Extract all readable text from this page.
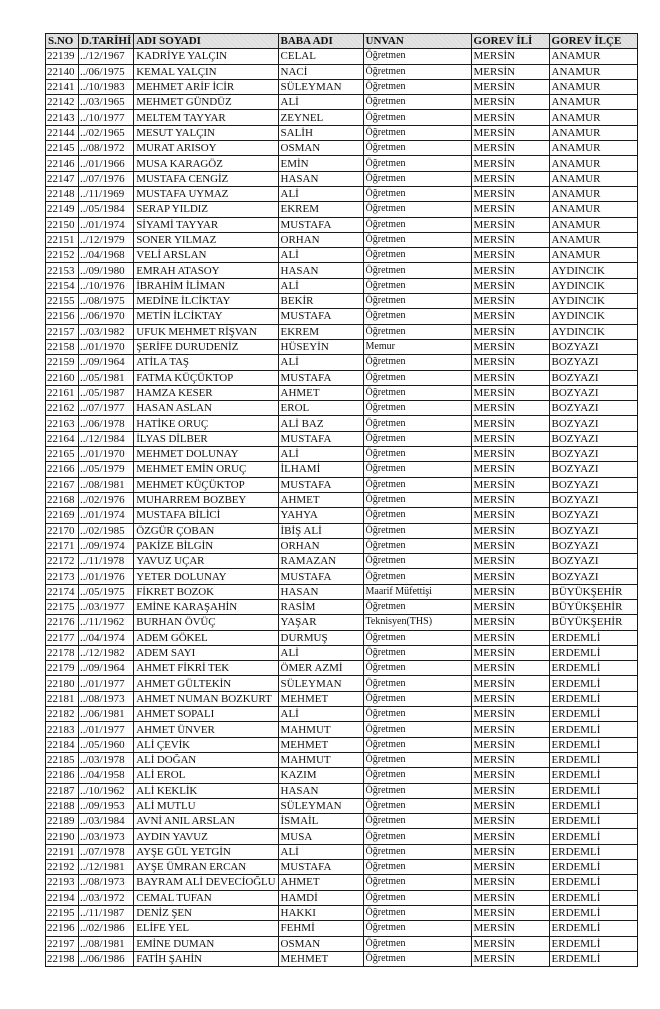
S.NO	D.TARİHİ	ADI SOYADI	BABA ADI	UNVAN	GOREV İLİ	GOREV İLÇE
22139	../12/1967	KADRİYE YALÇIN	CELAL	Öğretmen	MERSİN	ANAMUR
22140	../06/1975	KEMAL YALÇIN	NACİ	Öğretmen	MERSİN	ANAMUR
22141	../10/1983	MEHMET ARİF İCİR	SÜLEYMAN	Öğretmen	MERSİN	ANAMUR
22142	../03/1965	MEHMET GÜNDÜZ	ALİ	Öğretmen	MERSİN	ANAMUR
22143	../10/1977	MELTEM TAYYAR	ZEYNEL	Öğretmen	MERSİN	ANAMUR
22144	../02/1965	MESUT YALÇIN	SALİH	Öğretmen	MERSİN	ANAMUR
22145	../08/1972	MURAT ARISOY	OSMAN	Öğretmen	MERSİN	ANAMUR
22146	../01/1966	MUSA KARAGÖZ	EMİN	Öğretmen	MERSİN	ANAMUR
22147	../07/1976	MUSTAFA CENGİZ	HASAN	Öğretmen	MERSİN	ANAMUR
22148	../11/1969	MUSTAFA UYMAZ	ALİ	Öğretmen	MERSİN	ANAMUR
22149	../05/1984	SERAP YILDIZ	EKREM	Öğretmen	MERSİN	ANAMUR
22150	../01/1974	SİYAMİ TAYYAR	MUSTAFA	Öğretmen	MERSİN	ANAMUR
22151	../12/1979	SONER YILMAZ	ORHAN	Öğretmen	MERSİN	ANAMUR
22152	../04/1968	VELİ ARSLAN	ALİ	Öğretmen	MERSİN	ANAMUR
22153	../09/1980	EMRAH ATASOY	HASAN	Öğretmen	MERSİN	AYDINCIK
22154	../10/1976	İBRAHİM İLİMAN	ALİ	Öğretmen	MERSİN	AYDINCIK
22155	../08/1975	MEDİNE İLCİKTAY	BEKİR	Öğretmen	MERSİN	AYDINCIK
22156	../06/1970	METİN İLCİKTAY	MUSTAFA	Öğretmen	MERSİN	AYDINCIK
22157	../03/1982	UFUK MEHMET RİŞVAN	EKREM	Öğretmen	MERSİN	AYDINCIK
22158	../01/1970	ŞERİFE DURUDENİZ	HÜSEYİN	Memur	MERSİN	BOZYAZI
22159	../09/1964	ATİLA TAŞ	ALİ	Öğretmen	MERSİN	BOZYAZI
22160	../05/1981	FATMA KÜÇÜKTOP	MUSTAFA	Öğretmen	MERSİN	BOZYAZI
22161	../05/1987	HAMZA KESER	AHMET	Öğretmen	MERSİN	BOZYAZI
22162	../07/1977	HASAN ASLAN	EROL	Öğretmen	MERSİN	BOZYAZI
22163	../06/1978	HATİKE ORUÇ	ALİ BAZ	Öğretmen	MERSİN	BOZYAZI
22164	../12/1984	İLYAS DİLBER	MUSTAFA	Öğretmen	MERSİN	BOZYAZI
22165	../01/1970	MEHMET DOLUNAY	ALİ	Öğretmen	MERSİN	BOZYAZI
22166	../05/1979	MEHMET EMİN ORUÇ	İLHAMİ	Öğretmen	MERSİN	BOZYAZI
22167	../08/1981	MEHMET KÜÇÜKTOP	MUSTAFA	Öğretmen	MERSİN	BOZYAZI
22168	../02/1976	MUHARREM BOZBEY	AHMET	Öğretmen	MERSİN	BOZYAZI
22169	../01/1974	MUSTAFA BİLİCİ	YAHYA	Öğretmen	MERSİN	BOZYAZI
22170	../02/1985	ÖZGÜR ÇOBAN	İBİŞ ALİ	Öğretmen	MERSİN	BOZYAZI
22171	../09/1974	PAKİZE BİLGİN	ORHAN	Öğretmen	MERSİN	BOZYAZI
22172	../11/1978	YAVUZ UÇAR	RAMAZAN	Öğretmen	MERSİN	BOZYAZI
22173	../01/1976	YETER DOLUNAY	MUSTAFA	Öğretmen	MERSİN	BOZYAZI
22174	../05/1975	FİKRET BOZOK	HASAN	Maarif Müfettişi	MERSİN	BÜYÜKŞEHİR
22175	../03/1977	EMİNE KARAŞAHİN	RASİM	Öğretmen	MERSİN	BÜYÜKŞEHİR
22176	../11/1962	BURHAN ÖVÜÇ	YAŞAR	Teknisyen(THS)	MERSİN	BÜYÜKŞEHİR
22177	../04/1974	ADEM GÖKEL	DURMUŞ	Öğretmen	MERSİN	ERDEMLİ
22178	../12/1982	ADEM SAYI	ALİ	Öğretmen	MERSİN	ERDEMLİ
22179	../09/1964	AHMET FİKRİ TEK	ÖMER AZMİ	Öğretmen	MERSİN	ERDEMLİ
22180	../01/1977	AHMET GÜLTEKİN	SÜLEYMAN	Öğretmen	MERSİN	ERDEMLİ
22181	../08/1973	AHMET NUMAN BOZKURT	MEHMET	Öğretmen	MERSİN	ERDEMLİ
22182	../06/1981	AHMET SOPALI	ALİ	Öğretmen	MERSİN	ERDEMLİ
22183	../01/1977	AHMET ÜNVER	MAHMUT	Öğretmen	MERSİN	ERDEMLİ
22184	../05/1960	ALİ ÇEVİK	MEHMET	Öğretmen	MERSİN	ERDEMLİ
22185	../03/1978	ALİ DOĞAN	MAHMUT	Öğretmen	MERSİN	ERDEMLİ
22186	../04/1958	ALİ EROL	KAZIM	Öğretmen	MERSİN	ERDEMLİ
22187	../10/1962	ALİ KEKLİK	HASAN	Öğretmen	MERSİN	ERDEMLİ
22188	../09/1953	ALİ MUTLU	SÜLEYMAN	Öğretmen	MERSİN	ERDEMLİ
22189	../03/1984	AVNİ ANIL ARSLAN	İSMAİL	Öğretmen	MERSİN	ERDEMLİ
22190	../03/1973	AYDIN YAVUZ	MUSA	Öğretmen	MERSİN	ERDEMLİ
22191	../07/1978	AYŞE GÜL YETGİN	ALİ	Öğretmen	MERSİN	ERDEMLİ
22192	../12/1981	AYŞE ÜMRAN ERCAN	MUSTAFA	Öğretmen	MERSİN	ERDEMLİ
22193	../08/1973	BAYRAM ALİ DEVECİOĞLU	AHMET	Öğretmen	MERSİN	ERDEMLİ
22194	../03/1972	CEMAL TUFAN	HAMDİ	Öğretmen	MERSİN	ERDEMLİ
22195	../11/1987	DENİZ ŞEN	HAKKI	Öğretmen	MERSİN	ERDEMLİ
22196	../02/1986	ELİFE YEL	FEHMİ	Öğretmen	MERSİN	ERDEMLİ
22197	../08/1981	EMİNE DUMAN	OSMAN	Öğretmen	MERSİN	ERDEMLİ
22198	../06/1986	FATİH ŞAHİN	MEHMET	Öğretmen	MERSİN	ERDEMLİ
